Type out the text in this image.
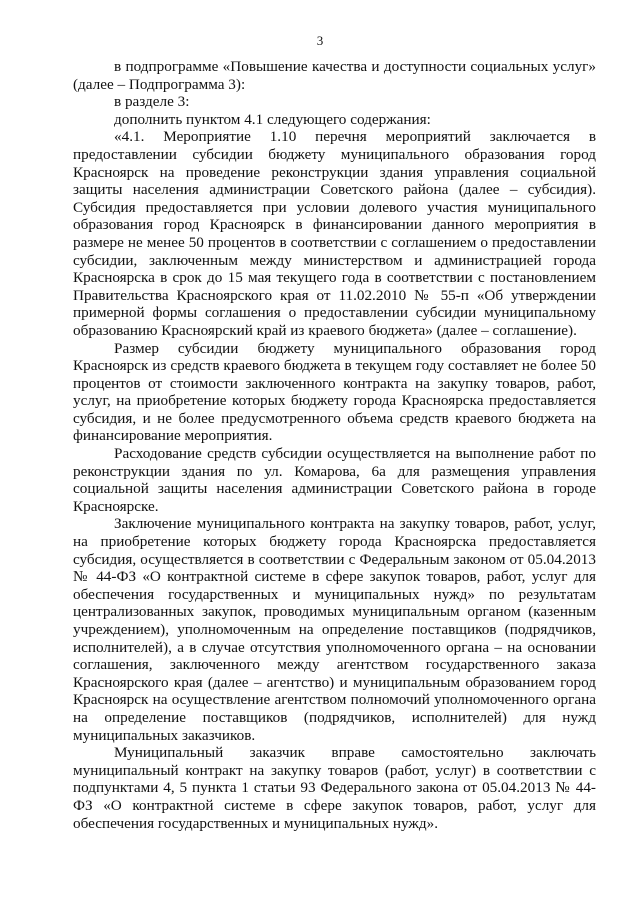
3

в подпрограмме «Повышение качества и доступности социальных услуг» (далее – Подпрограмма 3):

в разделе 3:

дополнить пунктом 4.1 следующего содержания:

«4.1. Мероприятие 1.10 перечня мероприятий заключается в предоставлении субсидии бюджету муниципального образования город Красноярск на проведение реконструкции здания управления социальной защиты населения администрации Советского района (далее – субсидия). Субсидия предоставляется при условии долевого участия муниципального образования город Красноярск в финансировании данного мероприятия в размере не менее 50 процентов в соответствии с соглашением о предоставлении субсидии, заключенным между министерством и администрацией города Красноярска в срок до 15 мая текущего года в соответствии с постановлением Правительства Красноярского края от 11.02.2010 № 55-п «Об утверждении примерной формы соглашения о предоставлении субсидии муниципальному образованию Красноярский край из краевого бюджета» (далее – соглашение).

Размер субсидии бюджету муниципального образования город Красноярск из средств краевого бюджета в текущем году составляет не более 50 процентов от стоимости заключенного контракта на закупку товаров, работ, услуг, на приобретение которых бюджету города Красноярска предоставляется субсидия, и не более предусмотренного объема средств краевого бюджета на финансирование мероприятия.

Расходование средств субсидии осуществляется на выполнение работ по реконструкции здания по ул. Комарова, 6а для размещения управления социальной защиты населения администрации Советского района в городе Красноярске.

Заключение муниципального контракта на закупку товаров, работ, услуг, на приобретение которых бюджету города Красноярска предоставляется субсидия, осуществляется в соответствии с Федеральным законом от 05.04.2013 № 44-ФЗ «О контрактной системе в сфере закупок товаров, работ, услуг для обеспечения государственных и муниципальных нужд» по результатам централизованных закупок, проводимых муниципальным органом (казенным учреждением), уполномоченным на определение поставщиков (подрядчиков, исполнителей), а в случае отсутствия уполномоченного органа – на основании соглашения, заключенного между агентством государственного заказа Красноярского края (далее – агентство) и муниципальным образованием город Красноярск на осуществление агентством полномочий уполномоченного органа на определение поставщиков (подрядчиков, исполнителей) для нужд муниципальных заказчиков.

Муниципальный заказчик вправе самостоятельно заключать муниципальный контракт на закупку товаров (работ, услуг) в соответствии с подпунктами 4, 5 пункта 1 статьи 93 Федерального закона от 05.04.2013 № 44-ФЗ «О контрактной системе в сфере закупок товаров, работ, услуг для обеспечения государственных и муниципальных нужд».
